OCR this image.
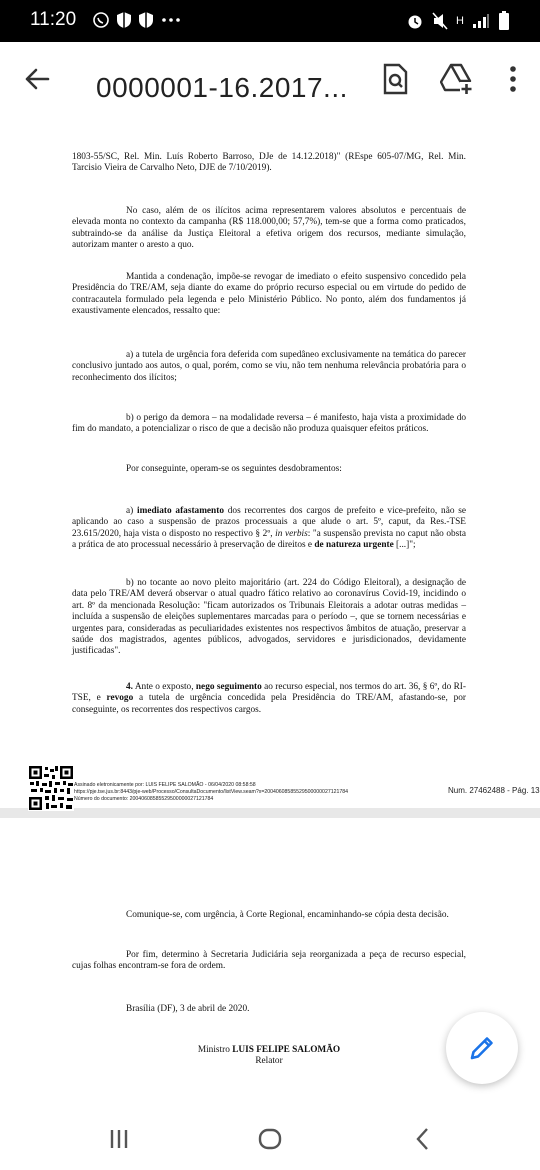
11:20	H
0000001-16.2017...

1803-55/SC, Rel. Min. Luís Roberto Barroso, DJe de 14.12.2018)" (REspe 605-07/MG, Rel. Min. Tarcisio Vieira de Carvalho Neto, DJE de 7/10/2019).

No caso, além de os ilícitos acima representarem valores absolutos e percentuais de elevada monta no contexto da campanha (R$ 118.000,00; 57,7%), tem-se que a forma como praticados, subtraindo-se da análise da Justiça Eleitoral a efetiva origem dos recursos, mediante simulação, autorizam manter o aresto a quo.

Mantida a condenação, impõe-se revogar de imediato o efeito suspensivo concedido pela Presidência do TRE/AM, seja diante do exame do próprio recurso especial ou em virtude do pedido de contracautela formulado pela legenda e pelo Ministério Público. No ponto, além dos fundamentos já exaustivamente elencados, ressalto que:

a) a tutela de urgência fora deferida com supedâneo exclusivamente na temática do parecer conclusivo juntado aos autos, o qual, porém, como se viu, não tem nenhuma relevância probatória para o reconhecimento dos ilícitos;

b) o perigo da demora – na modalidade reversa – é manifesto, haja vista a proximidade do fim do mandato, a potencializar o risco de que a decisão não produza quaisquer efeitos práticos.

Por conseguinte, operam-se os seguintes desdobramentos:

a) imediato afastamento dos recorrentes dos cargos de prefeito e vice-prefeito, não se aplicando ao caso a suspensão de prazos processuais a que alude o art. 5º, caput, da Res.-TSE 23.615/2020, haja vista o disposto no respectivo § 2º, in verbis: "a suspensão prevista no caput não obsta a prática de ato processual necessário à preservação de direitos e de natureza urgente [...]";

b) no tocante ao novo pleito majoritário (art. 224 do Código Eleitoral), a designação de data pelo TRE/AM deverá observar o atual quadro fático relativo ao coronavírus Covid-19, incidindo o art. 8º da mencionada Resolução: "ficam autorizados os Tribunais Eleitorais a adotar outras medidas – incluída a suspensão de eleições suplementares marcadas para o período –, que se tornem necessárias e urgentes para, consideradas as peculiaridades existentes nos respectivos âmbitos de atuação, preservar a saúde dos magistrados, agentes públicos, advogados, servidores e jurisdicionados, devidamente justificadas".

4. Ante o exposto, nego seguimento ao recurso especial, nos termos do art. 36, § 6º, do RI-TSE, e revogo a tutela de urgência concedida pela Presidência do TRE/AM, afastando-se, por conseguinte, os recorrentes dos respectivos cargos.

Assinado eletronicamente por: LUIS FELIPE SALOMÃO - 06/04/2020 08:58:58
https://pje.tse.jus.br:8443/pje-web/Processo/ConsultaDocumento/listView.seam?x=20040608585529500000027121784
Número do documento: 20040608585529500000027121784
Num. 27462488 - Pág. 13

Comunique-se, com urgência, à Corte Regional, encaminhando-se cópia desta decisão.

Por fim, determino à Secretaria Judiciária seja reorganizada a peça de recurso especial, cujas folhas encontram-se fora de ordem.

Brasília (DF), 3 de abril de 2020.

Ministro LUIS FELIPE SALOMÃO
Relator
